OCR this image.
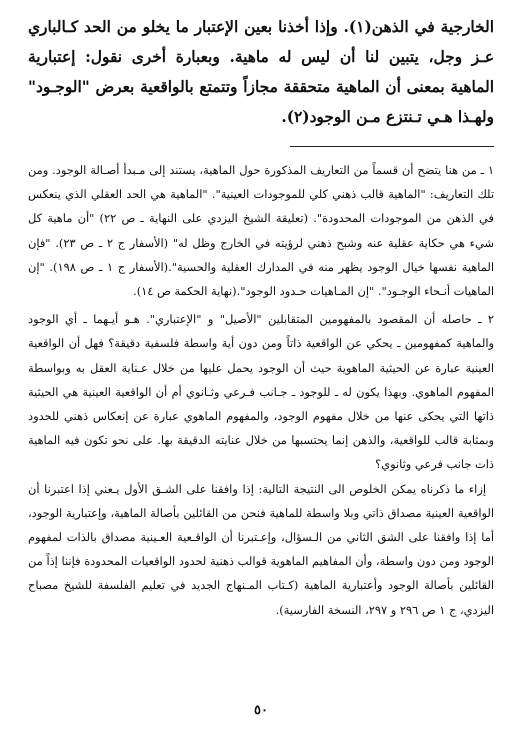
الخارجية في الذهن(١). وإذا أخذنا بعين الإعتبار ما يخلو من الحد كـالباري عـز وجل، يتبين لنا أن ليس له ماهية. وبعبارة أخرى نقول: إعتبارية الماهية بمعنى أن الماهية متحققة مجازاً وتتمتع بالواقعية بعرض "الوجـود" ولهـذا هـي تـنتزع مـن الوجود(٢).

١ ـ من هنا يتضح أن قسماً من التعاريف المذكورة حول الماهية، يستند إلى مـبدأ أصـالة الوجود. ومن تلك التعاريف: "الماهية قالب ذهني كلي للموجودات العينية". "الماهية هي الحد العقلي الذي ينعكس في الذهن من الموجودات المحدودة". (تعليقة الشيخ اليزدي على النهاية ـ ص ٢٢) "أن ماهية كل شيء هي حكاية عقلية عنه وشبح ذهني لرؤيته في الخارج وظل له" (الأسفار ج ٢ ـ ص ٢٣). "فإن الماهية نفسها خيال الوجود يظهر منه في المدارك العقلية والحسية".(الأسفار ج ١ ـ ص ١٩٨). "إن الماهيات أنـحاء الوجـود". "إن المـاهيات حـدود الوجود".(نهاية الحكمة ص ١٤).

٢ ـ حاصله أن المقصود بالمفهومين المتقابلين "الأصيل" و "الإعتباري". هـو أيـهما ـ أي الوجود والماهية كمفهومين ـ يحكي عن الواقعية ذاتاً ومن دون أية واسطة فلسفية دقيقة؟ فهل أن الواقعية العينية عبارة عن الحيثية الماهوية حيث أن الوجود يحمل عليها من خلال عـناية العقل به وبواسطة المفهوم الماهوي. وبهذا يكون له ـ للوجود ـ جـانب فـرعي وثـانوي أم أن الواقعية العينية هي الحيثية ذاتها التي يحكى عنها من خلال مفهوم الوجود، والمفهوم الماهوي عبارة عن إنعكاس ذهني للحدود وبمثابة قالب للواقعية، والذهن إنما يحتسبها من خلال عنايته الدقيقة بها. على نحو تكون فيه الماهية ذات جانب فرعي وثانوي؟
إزاء ما ذكرناه يمكن الخلوص الى النتيجة التالية: إذا وافقنا على الشـق الأول يـعني إذا اعتبرنا أن الواقعية العينية مصداق ذاتي وبلا واسطة للماهية فنحن من القائلين بأصالة الماهية، وإعتبارية الوجود، أما إذا وافقنا على الشق الثاني من الـسؤال، وإعـتبرنا أن الواقـعية العـينية مصداق بالذات لمفهوم الوجود ومن دون واسطة، وأن المفاهيم الماهوية قوالب ذهنية لحدود الواقعيات المحدودة فإننا إذاً من القائلين بأصالة الوجود وأعتبارية الماهية (كـتاب المـنهاج الجديد في تعليم الفلسفة للشيخ مصباح اليزدي، ج ١ ص ٢٩٦ و ٢٩٧، النسخة الفارسية).

٥٠
